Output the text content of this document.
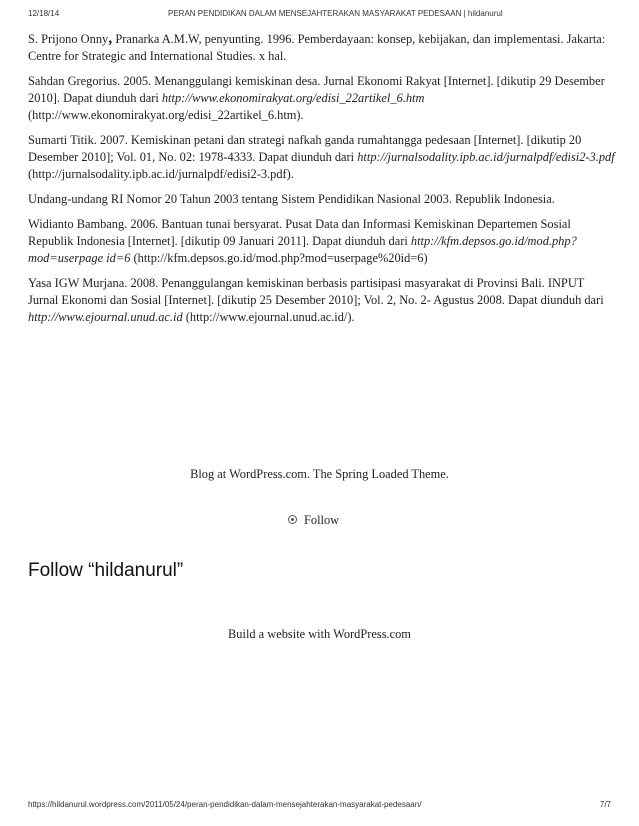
12/18/14	PERAN PENDIDIKAN DALAM MENSEJAHTERAKAN MASYARAKAT PEDESAAN | hildanurul

S. Prijono Onny, Pranarka A.M.W, penyunting. 1996. Pemberdayaan: konsep, kebijakan, dan implementasi. Jakarta: Centre for Strategic and International Studies. x hal.

Sahdan Gregorius. 2005. Menanggulangi kemiskinan desa. Jurnal Ekonomi Rakyat [Internet]. [dikutip 29 Desember 2010]. Dapat diunduh dari http://www.ekonomirakyat.org/edisi_22artikel_6.htm (http://www.ekonomirakyat.org/edisi_22artikel_6.htm).

Sumarti Titik. 2007. Kemiskinan petani dan strategi nafkah ganda rumahtangga pedesaan [Internet]. [dikutip 20 Desember 2010]; Vol. 01, No. 02: 1978-4333. Dapat diunduh dari http://jurnalsodality.ipb.ac.id/jurnalpdf/edisi2-3.pdf (http://jurnalsodality.ipb.ac.id/jurnalpdf/edisi2-3.pdf).

Undang-undang RI Nomor 20 Tahun 2003 tentang Sistem Pendidikan Nasional 2003. Republik Indonesia.

Widianto Bambang. 2006. Bantuan tunai bersyarat. Pusat Data dan Informasi Kemiskinan Departemen Sosial Republik Indonesia [Internet]. [dikutip 09 Januari 2011]. Dapat diunduh dari http://kfm.depsos.go.id/mod.php?mod=userpage id=6 (http://kfm.depsos.go.id/mod.php?mod=userpage%20id=6)

Yasa IGW Murjana. 2008. Penanggulangan kemiskinan berbasis partisipasi masyarakat di Provinsi Bali. INPUT Jurnal Ekonomi dan Sosial [Internet]. [dikutip 25 Desember 2010]; Vol. 2, No. 2- Agustus 2008. Dapat diunduh dari http://www.ejournal.unud.ac.id (http://www.ejournal.unud.ac.id/).

Blog at WordPress.com. The Spring Loaded Theme.
Follow
Follow “hildanurul”
Build a website with WordPress.com
https://hildanurul.wordpress.com/2011/05/24/peran-pendidikan-dalam-mensejahterakan-masyarakat-pedesaan/	7/7
